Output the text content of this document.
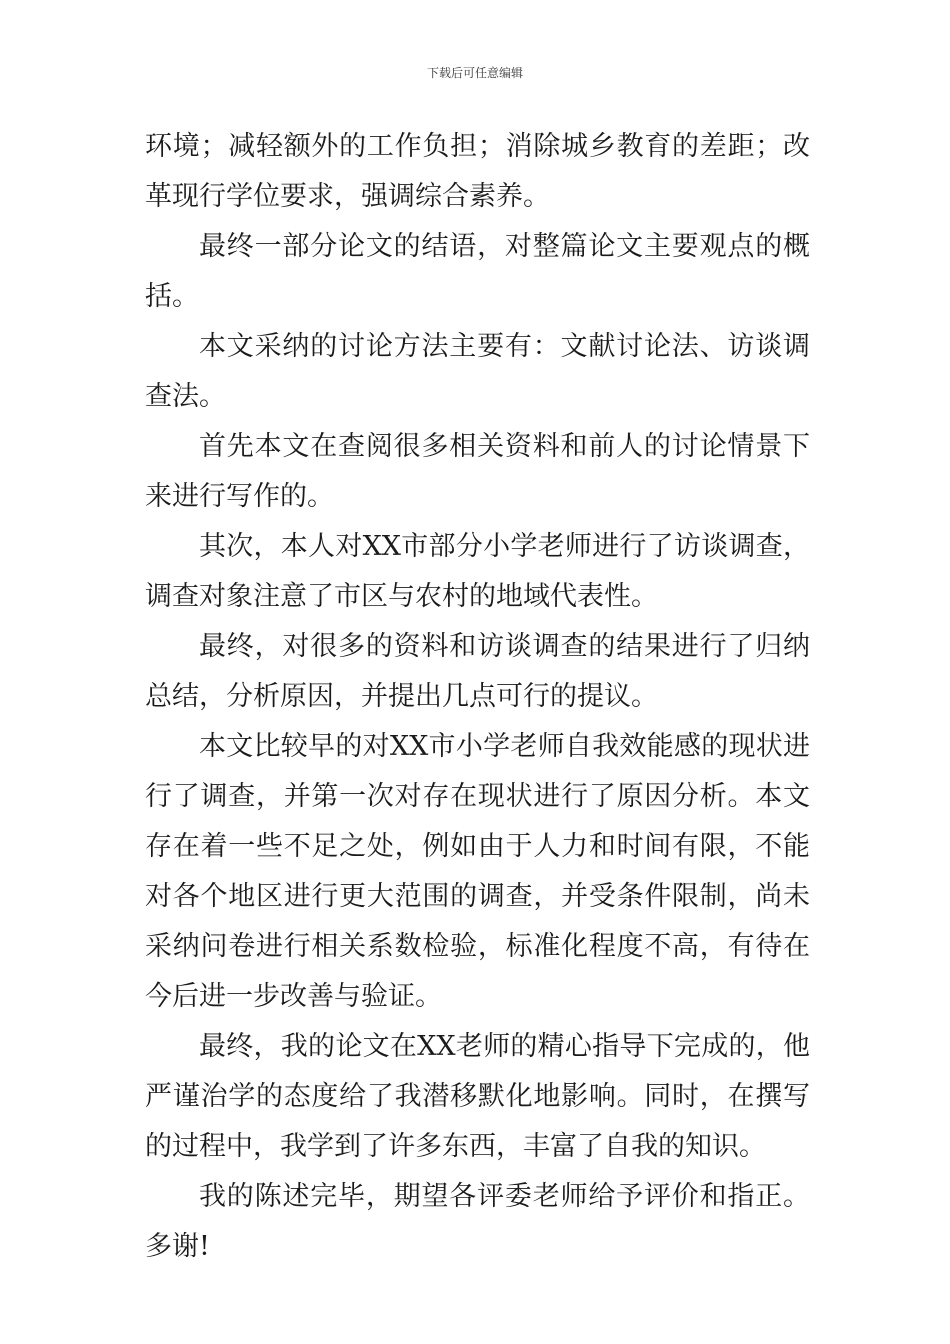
下载后可任意编辑

环境；减轻额外的工作负担；消除城乡教育的差距；改革现行学位要求，强调综合素养。

最终一部分论文的结语，对整篇论文主要观点的概括。

本文采纳的讨论方法主要有：文献讨论法、访谈调查法。

首先本文在查阅很多相关资料和前人的讨论情景下来进行写作的。

其次，本人对XX市部分小学老师进行了访谈调查，调查对象注意了市区与农村的地域代表性。

最终，对很多的资料和访谈调查的结果进行了归纳总结，分析原因，并提出几点可行的提议。

本文比较早的对XX市小学老师自我效能感的现状进行了调查，并第一次对存在现状进行了原因分析。本文存在着一些不足之处，例如由于人力和时间有限，不能对各个地区进行更大范围的调查，并受条件限制，尚未采纳问卷进行相关系数检验，标准化程度不高，有待在今后进一步改善与验证。

最终，我的论文在XX老师的精心指导下完成的，他严谨治学的态度给了我潜移默化地影响。同时，在撰写的过程中，我学到了许多东西，丰富了自我的知识。

我的陈述完毕，期望各评委老师给予评价和指正。多谢!
